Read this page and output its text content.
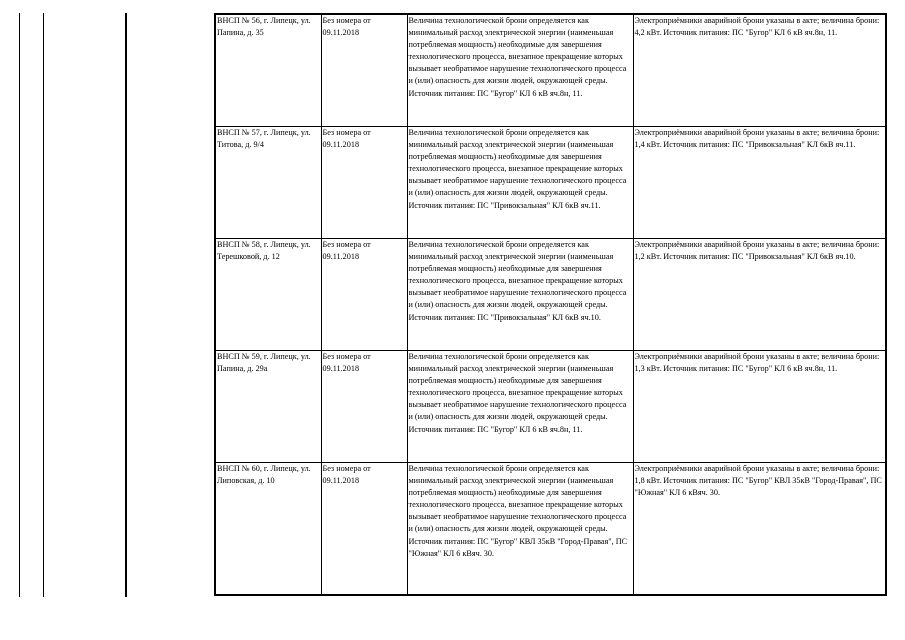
ВНСП № 56, г. Липецк, ул. Папина, д. 35	Без номера от 09.11.2018	Величина технологической брони определяется как минимальный расход электрической энергии (наименьшая потребляемая мощность) необходимые для завершения технологического процесса, внезапное прекращение которых вызывает необратимое нарушение технологического процесса и (или) опасность для жизни людей, окружающей среды. Источник питания: ПС "Бугор" КЛ 6 кВ яч.8н, 11.	Электроприёмники аварийной брони указаны в акте; величина брони: 4,2 кВт. Источник питания: ПС "Бугор" КЛ 6 кВ яч.8н, 11.
ВНСП № 57, г. Липецк, ул. Титова, д. 9/4	Без номера от 09.11.2018	Величина технологической брони определяется как минимальный расход электрической энергии (наименьшая потребляемая мощность) необходимые для завершения технологического процесса, внезапное прекращение которых вызывает необратимое нарушение технологического процесса и (или) опасность для жизни людей, окружающей среды. Источник питания: ПС "Привокзальная" КЛ 6кВ яч.11.	Электроприёмники аварийной брони указаны в акте; величина брони: 1,4 кВт. Источник питания: ПС "Привокзальная" КЛ 6кВ яч.11.
ВНСП № 58, г. Липецк, ул. Терешковой, д. 12	Без номера от 09.11.2018	Величина технологической брони определяется как минимальный расход электрической энергии (наименьшая потребляемая мощность) необходимые для завершения технологического процесса, внезапное прекращение которых вызывает необратимое нарушение технологического процесса и (или) опасность для жизни людей, окружающей среды. Источник питания: ПС "Привокзальная" КЛ 6кВ яч.10.	Электроприёмники аварийной брони указаны в акте; величина брони: 1,2 кВт. Источник питания: ПС "Привокзальная" КЛ 6кВ яч.10.
ВНСП № 59, г. Липецк, ул. Папина, д. 29а	Без номера от 09.11.2018	Величина технологической брони определяется как минимальный расход электрической энергии (наименьшая потребляемая мощность) необходимые для завершения технологического процесса, внезапное прекращение которых вызывает необратимое нарушение технологического процесса и (или) опасность для жизни людей, окружающей среды. Источник питания: ПС "Бугор" КЛ 6 кВ яч.8н, 11.	Электроприёмники аварийной брони указаны в акте; величина брони: 1,3 кВт. Источник питания: ПС "Бугор" КЛ 6 кВ яч.8н, 11.
ВНСП № 60, г. Липецк, ул. Липовская, д. 10	Без номера от 09.11.2018	Величина технологической брони определяется как минимальный расход электрической энергии (наименьшая потребляемая мощность) необходимые для завершения технологического процесса, внезапное прекращение которых вызывает необратимое нарушение технологического процесса и (или) опасность для жизни людей, окружающей среды. Источник питания: ПС "Бугор" КВЛ 35кВ "Город-Правая", ПС "Южная" КЛ 6 кВяч. 30.	Электроприёмники аварийной брони указаны в акте; величина брони: 1,8 кВт. Источник питания: ПС "Бугор" КВЛ 35кВ "Город-Правая", ПС "Южная" КЛ 6 кВяч. 30.
